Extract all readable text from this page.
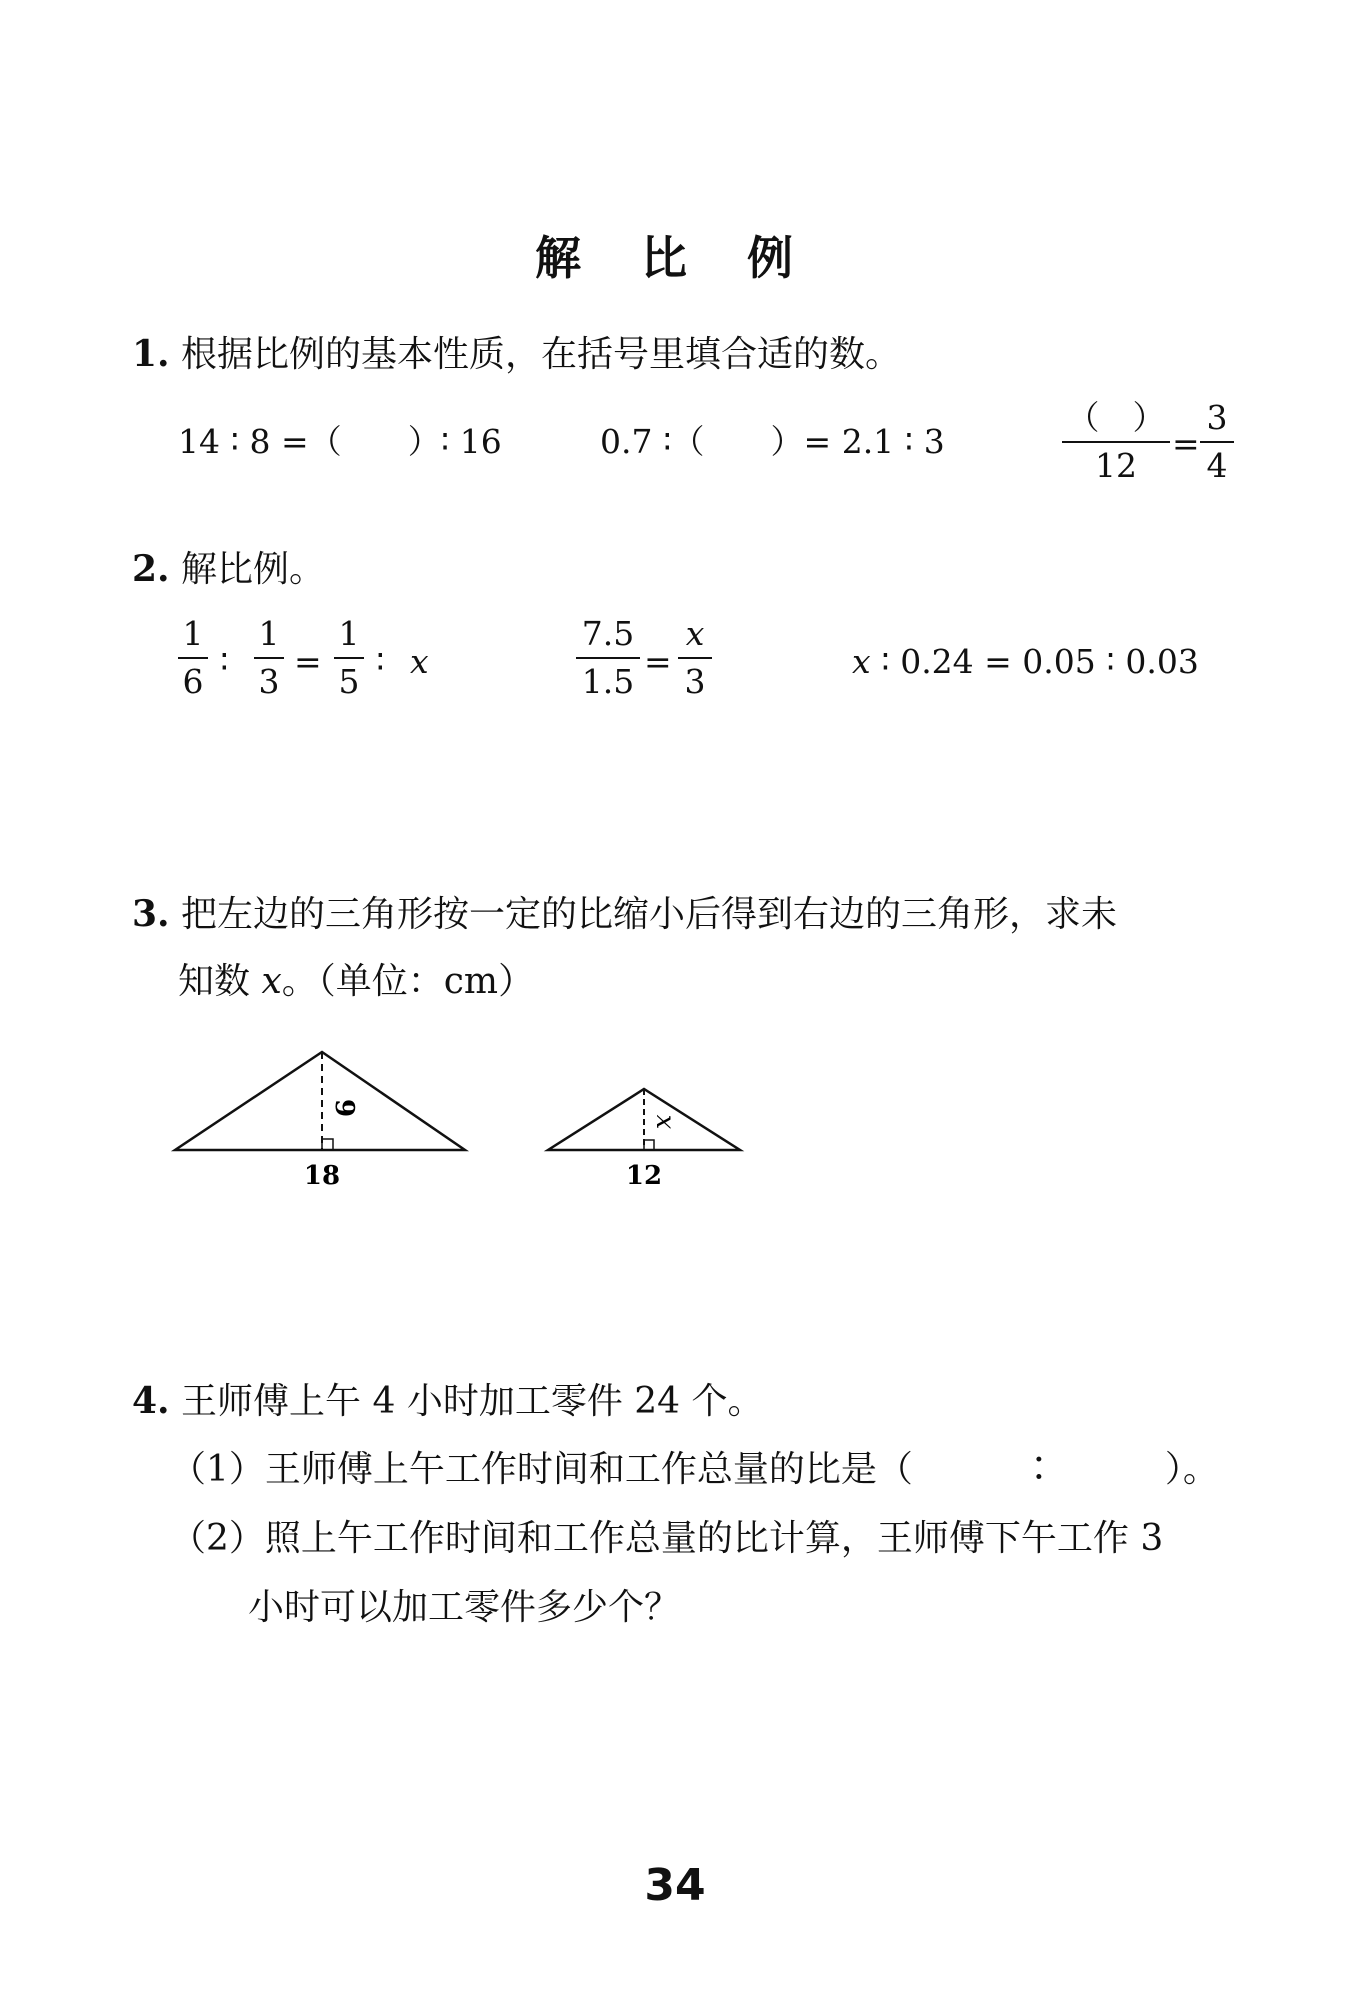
解 比 例
1. 根据比例的基本性质，在括号里填合适的数。
14 ∶ 8 =（　　）∶ 16	0.7 ∶（　　）= 2.1 ∶ 3
（　）
12
=
3
4
2. 解比例。
1
6
∶
1
3
=
1
5
∶ x
7.5
1.5
=
x
3
x ∶ 0.24 = 0.05 ∶ 0.03
3. 把左边的三角形按一定的比缩小后得到右边的三角形，求未
知数 x。（单位：cm）
18
9
12
x
4. 王师傅上午 4 小时加工零件 24 个。
（1）王师傅上午工作时间和工作总量的比是（　　　∶　　　）。
（2）照上午工作时间和工作总量的比计算，王师傅下午工作 3
小时可以加工零件多少个？
34
